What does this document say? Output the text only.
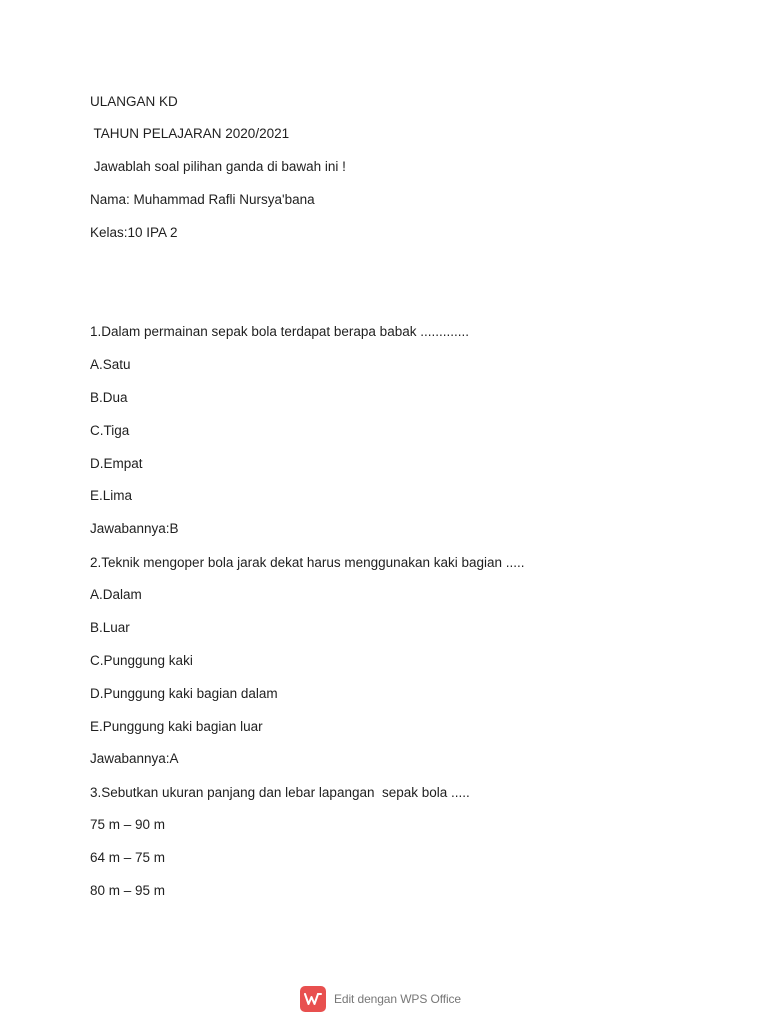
ULANGAN KD

TAHUN PELAJARAN 2020/2021

Jawablah soal pilihan ganda di bawah ini !

Nama: Muhammad Rafli Nursya'bana

Kelas:10 IPA 2

1.Dalam permainan sepak bola terdapat berapa babak .............

A.Satu

B.Dua

C.Tiga

D.Empat

E.Lima

Jawabannya:B

2.Teknik mengoper bola jarak dekat harus menggunakan kaki bagian .....

A.Dalam

B.Luar

C.Punggung kaki

D.Punggung kaki bagian dalam

E.Punggung kaki bagian luar

Jawabannya:A

3.Sebutkan ukuran panjang dan lebar lapangan  sepak bola .....

75 m – 90 m

64 m – 75 m

80 m – 95 m

Edit dengan WPS Office
